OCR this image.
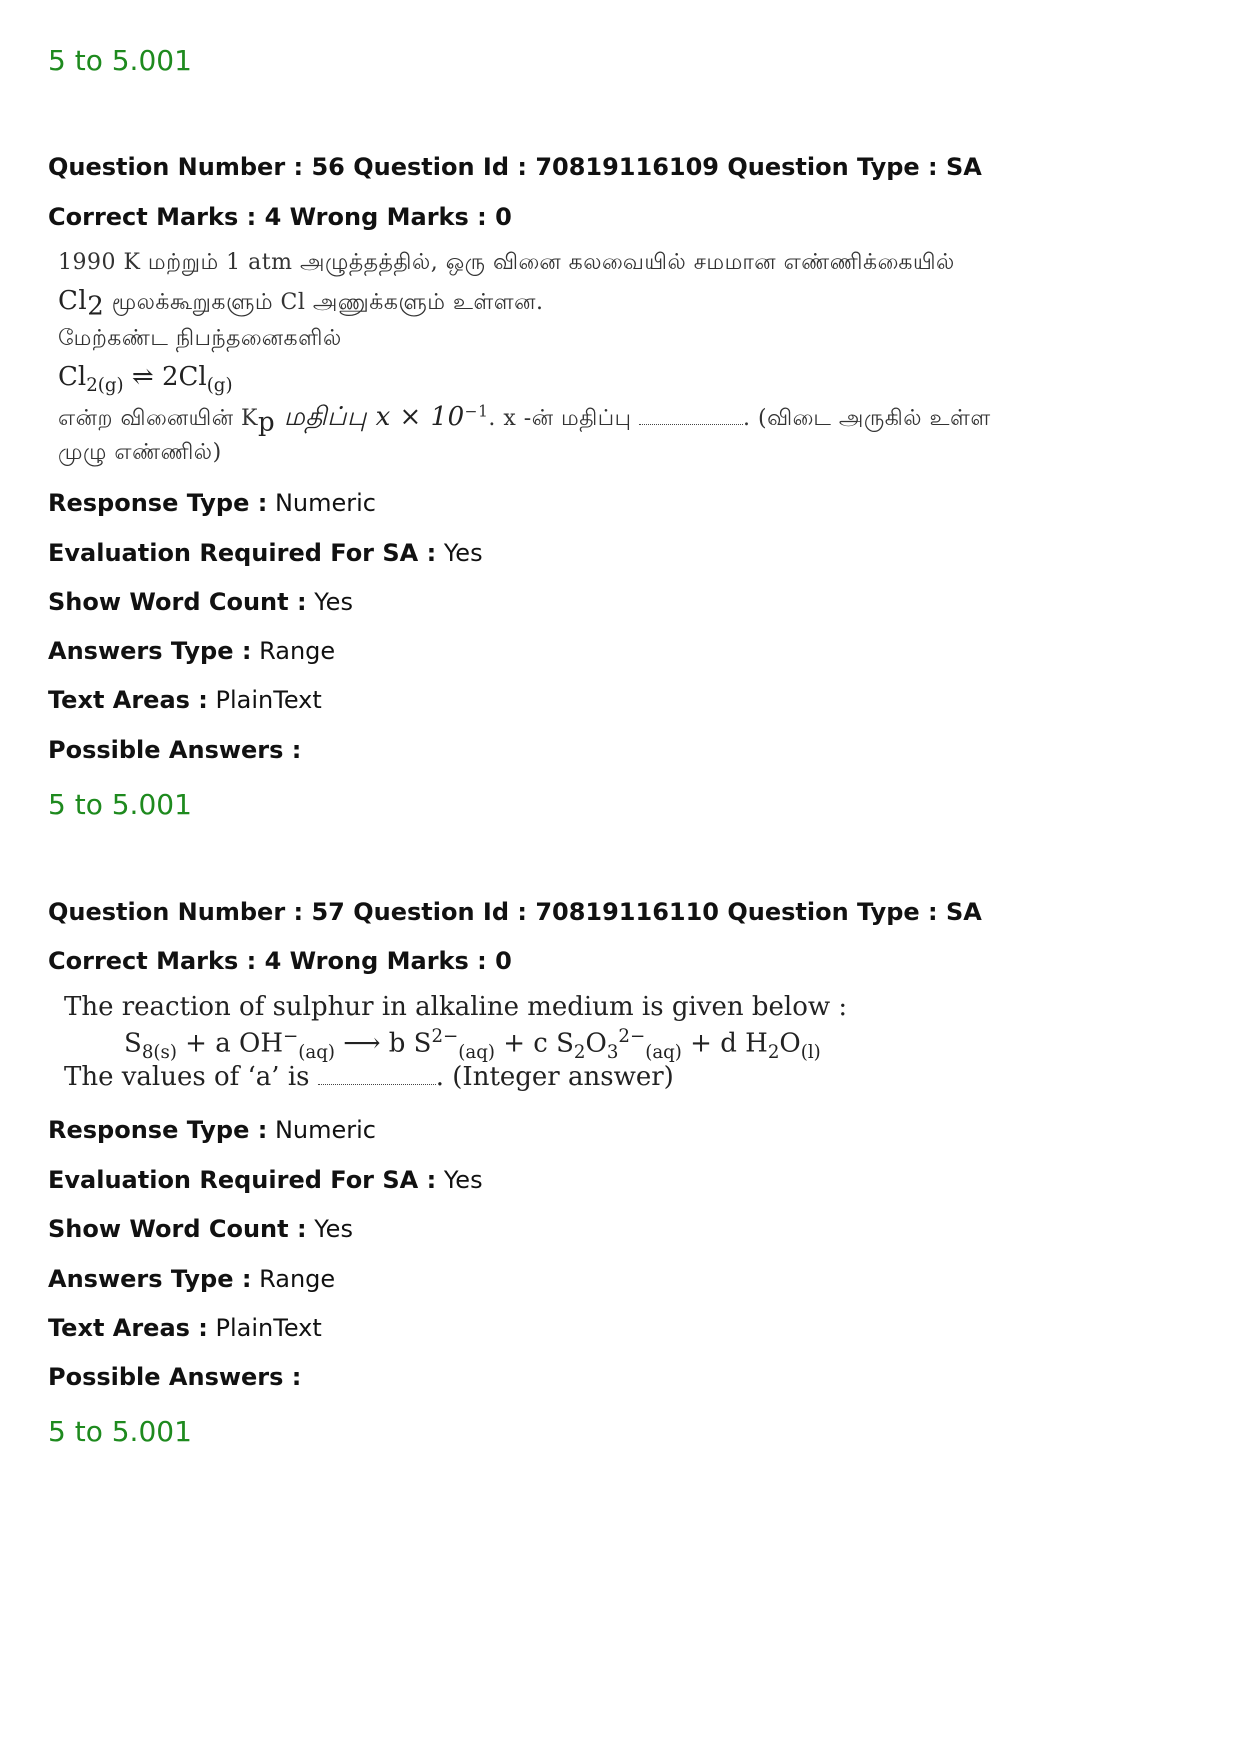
5 to 5.001
Question Number : 56 Question Id : 70819116109 Question Type : SA
Correct Marks : 4 Wrong Marks : 0
1990 K மற்றும் 1 atm அழுத்தத்தில், ஒரு வினை கலவையில் சமமான எண்ணிக்கையில்
$Cl_2$ மூலக்கூறுகளும் Cl அணுக்களும் உள்ளன.
மேற்கண்ட நிபந்தனைகளில்
$Cl_{2(g)}$ ⇌ $2Cl_{(g)}$
என்ற வினையின் $K_p$ மதிப்பு $x \times 10^{-1}$. x -ன் மதிப்பு	. (விடை அருகில் உள்ள
முழு எண்ணில்)
Response Type : Numeric
Evaluation Required For SA : Yes
Show Word Count : Yes
Answers Type : Range
Text Areas : PlainText
Possible Answers :
5 to 5.001
Question Number : 57 Question Id : 70819116110 Question Type : SA
Correct Marks : 4 Wrong Marks : 0
The reaction of sulphur in alkaline medium is given below :
$S_{8(s)} + a$ $OH^-_{(aq)}$ ⟶ b $S^{2-}_{(aq)} + c$ $S_2O_3^{2-}_{(aq)} + d$ $H_2O_{(l)}$
The values of ‘a’ is	. (Integer answer)
Response Type : Numeric
Evaluation Required For SA : Yes
Show Word Count : Yes
Answers Type : Range
Text Areas : PlainText
Possible Answers :
5 to 5.001
